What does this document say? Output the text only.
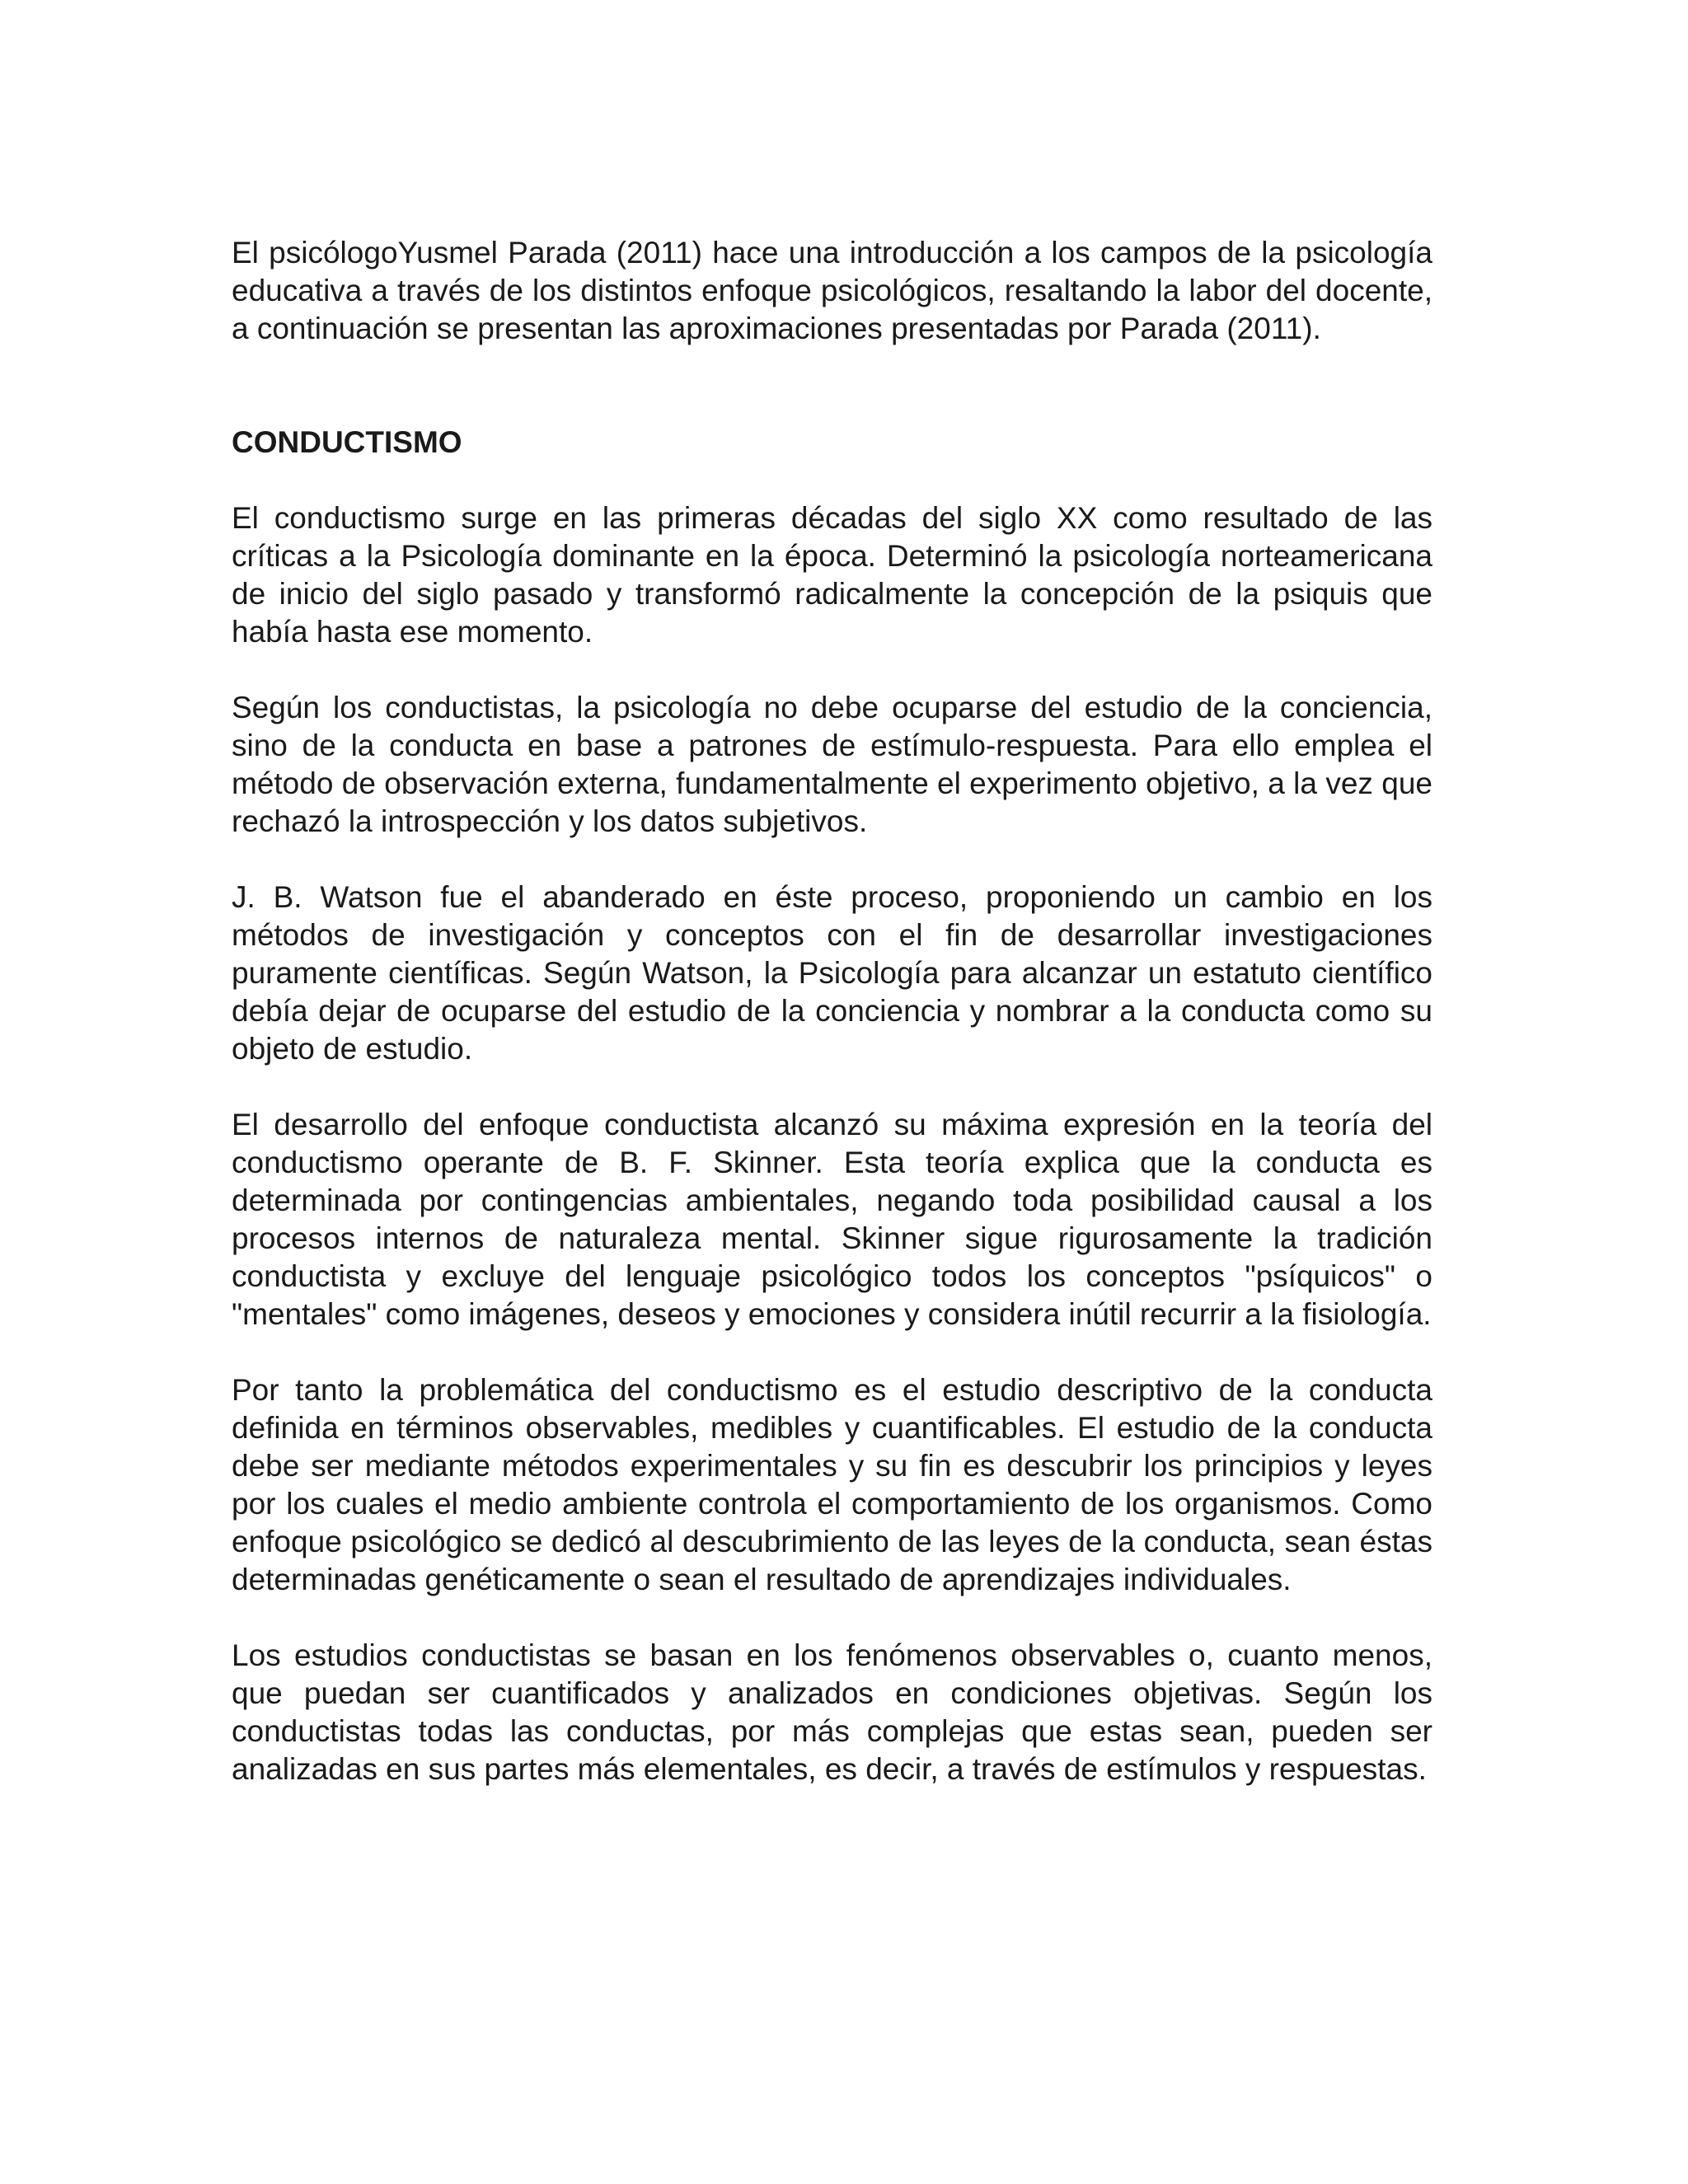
El psicólogoYusmel Parada (2011) hace una introducción a los campos de la psicología educativa a través de los distintos enfoque psicológicos, resaltando la labor del docente, a continuación se presentan las aproximaciones presentadas por Parada (2011).

CONDUCTISMO

El conductismo surge en las primeras décadas del siglo XX como resultado de las críticas a la Psicología dominante en la época. Determinó la psicología norteamericana de inicio del siglo pasado y transformó radicalmente la concepción de la psiquis que había hasta ese momento.

Según los conductistas, la psicología no debe ocuparse del estudio de la conciencia, sino de la conducta en base a patrones de estímulo-respuesta. Para ello emplea el método de observación externa, fundamentalmente el experimento objetivo, a la vez que rechazó la introspección y los datos subjetivos.

J. B. Watson fue el abanderado en éste proceso, proponiendo un cambio en los métodos de investigación y conceptos con el fin de desarrollar investigaciones puramente científicas. Según Watson, la Psicología para alcanzar un estatuto científico debía dejar de ocuparse del estudio de la conciencia y nombrar a la conducta como su objeto de estudio.

El desarrollo del enfoque conductista alcanzó su máxima expresión en la teoría del conductismo operante de B. F. Skinner. Esta teoría explica que la conducta es determinada por contingencias ambientales, negando toda posibilidad causal a los procesos internos de naturaleza mental. Skinner sigue rigurosamente la tradición conductista y excluye del lenguaje psicológico todos los conceptos "psíquicos" o "mentales" como imágenes, deseos y emociones y considera inútil recurrir a la fisiología.

Por tanto la problemática del conductismo es el estudio descriptivo de la conducta definida en términos observables, medibles y cuantificables. El estudio de la conducta debe ser mediante métodos experimentales y su fin es descubrir los principios y leyes por los cuales el medio ambiente controla el comportamiento de los organismos. Como enfoque psicológico se dedicó al descubrimiento de las leyes de la conducta, sean éstas determinadas genéticamente o sean el resultado de aprendizajes individuales.

Los estudios conductistas se basan en los fenómenos observables o, cuanto menos, que puedan ser cuantificados y analizados en condiciones objetivas. Según los conductistas todas las conductas, por más complejas que estas sean, pueden ser analizadas en sus partes más elementales, es decir, a través de estímulos y respuestas.
